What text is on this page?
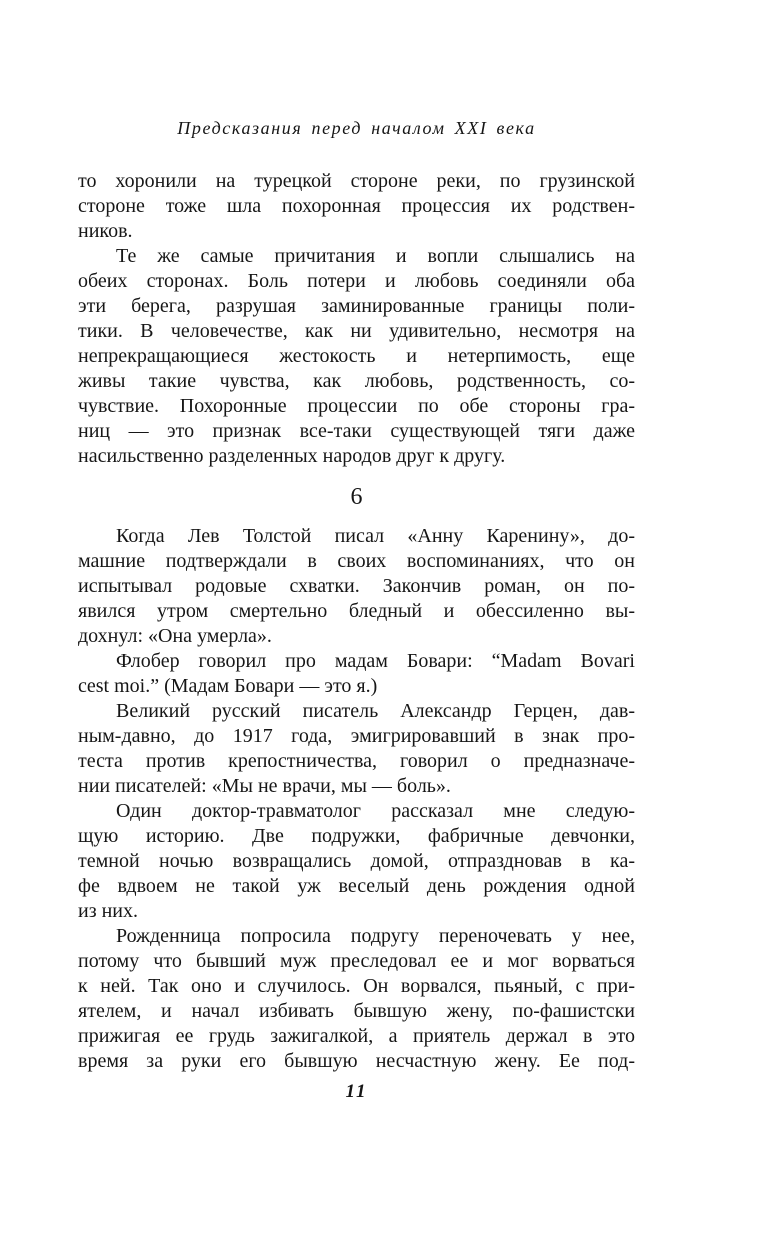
Предсказания перед началом XXI века
то хоронили на турецкой стороне реки, по грузинской
стороне тоже шла похоронная процессия их родствен-
ников.
Те же самые причитания и вопли слышались на
обеих сторонах. Боль потери и любовь соединяли оба
эти берега, разрушая заминированные границы поли-
тики. В человечестве, как ни удивительно, несмотря на
непрекращающиеся жестокость и нетерпимость, еще
живы такие чувства, как любовь, родственность, со-
чувствие. Похоронные процессии по обе стороны гра-
ниц — это признак все-таки существующей тяги даже
насильственно разделенных народов друг к другу.
6
Когда Лев Толстой писал «Анну Каренину», до-
машние подтверждали в своих воспоминаниях, что он
испытывал родовые схватки. Закончив роман, он по-
явился утром смертельно бледный и обессиленно вы-
дохнул: «Она умерла».
Флобер говорил про мадам Бовари: “Madam Bovari
cest moi.” (Мадам Бовари — это я.)
Великий русский писатель Александр Герцен, дав-
ным-давно, до 1917 года, эмигрировавший в знак про-
теста против крепостничества, говорил о предназначе-
нии писателей: «Мы не врачи, мы — боль».
Один доктор-травматолог рассказал мне следую-
щую историю. Две подружки, фабричные девчонки,
темной ночью возвращались домой, отпраздновав в ка-
фе вдвоем не такой уж веселый день рождения одной
из них.
Рожденница попросила подругу переночевать у нее,
потому что бывший муж преследовал ее и мог ворваться
к ней. Так оно и случилось. Он ворвался, пьяный, с при-
ятелем, и начал избивать бывшую жену, по-фашистски
прижигая ее грудь зажигалкой, а приятель держал в это
время за руки его бывшую несчастную жену. Ее под-
11
